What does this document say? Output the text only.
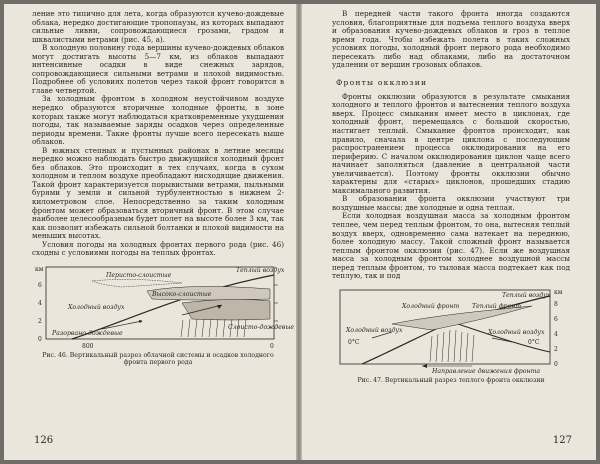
ление это типично для лета, когда образуются кучево-дождевые облака, нередко достигающие тропопаузы, из которых выпадают сильные ливни, сопровождающиеся грозами, градом и шквалистыми ветрами (рис. 45, а).

В холодную половину года вершины кучево-дождевых облаков могут достигать высоты 5—7 км, из облаков выпадают интенсивные осадки в виде снежных зарядов, сопровождающиеся сильными ветрами и плохой видимостью. Подробнее об условиях полетов через такой фронт говорится в главе четвертой.

За холодным фронтом в холодном неустойчивом воздухе нередко образуются вторичные холодные фронты, в зоне которых также могут наблюдаться кратковременные ухудшения погоды, так называемые заряды осадков через определенные периоды времени. Такие фронты лучше всего пересекать выше облаков.

В южных степных и пустынных районах в летние месяцы нередко можно наблюдать быстро движущийся холодный фронт без облаков. Это происходит в тех случаях, когда в сухом холодном и теплом воздухе преобладают нисходящие движения. Такой фронт характеризуется порывистыми ветрами, пыльными бурями у земли и сильной турбулентностью в нижнем 2-километровом слое. Непосредственно за таким холодным фронтом может образоваться вторичный фронт. В этом случае наиболее целесообразным будет полет на высоте более 3 км, так как позволит избежать сильной болтанки и плохой видимости на меньших высотах.

Условия погоды на холодных фронтах первого рода (рис. 46) сходны с условиями погоды на теплых фронтах.

км
6
4
2
0
Перисто-слоистые
Высоко-слоистые
Теплый воздух
Холодный воздух
Разорвано-дождевые
Слоисто-дождевые
800	0
Рис. 46. Вертикальный разрез облачной системы и осадков холодного фронта первого рода
126

В передней части такого фронта иногда создаются условия, благоприятные для подъема теплого воздуха вверх и образования кучево-дождевых облаков и гроз в теплое время года. Чтобы избежать полета в таких сложных условиях погоды, холодный фронт первого рода необходимо пересекать либо над облаками, либо на достаточном удалении от вершин грозовых облаков.

Фронты окклюзии

Фронты окклюзии образуются в результате смыкания холодного и теплого фронтов и вытеснения теплого воздуха вверх. Процесс смыкания имеет место в циклонах, где холодный фронт, перемещаясь с большой скоростью, настигает теплый. Смыкание фронтов происходит, как правило, сначала в центре циклона с последующим распространением процесса окклюдирования на его периферию. С началом окклюдирования циклон чаще всего начинает заполняться (давление в центральной части увеличивается). Поэтому фронты окклюзии обычно характерны для «старых» циклонов, прошедших стадию максимального развития.

В образовании фронта окклюзии участвуют три воздушные массы: две холодные и одна теплая.

Если холодная воздушная масса за холодным фронтом теплее, чем перед теплым фронтом, то она, вытесняя теплый воздух вверх, одновременно сама натекает на переднюю, более холодную массу. Такой сложный фронт называется теплым фронтом окклюзии (рис. 47). Если же воздушная масса за холодным фронтом холоднее воздушной массы перед теплым фронтом, то тыловая масса подтекает как под теплую, так и под

км
8
6
4
2
0
Теплый воздух
Холодный фронт Теплый фронт
Холодный воздух	Холодный воздух
0°С	0°С
Направление движения фронта
Рис. 47. Вертикальный разрез теплого фронта окклюзии
127
